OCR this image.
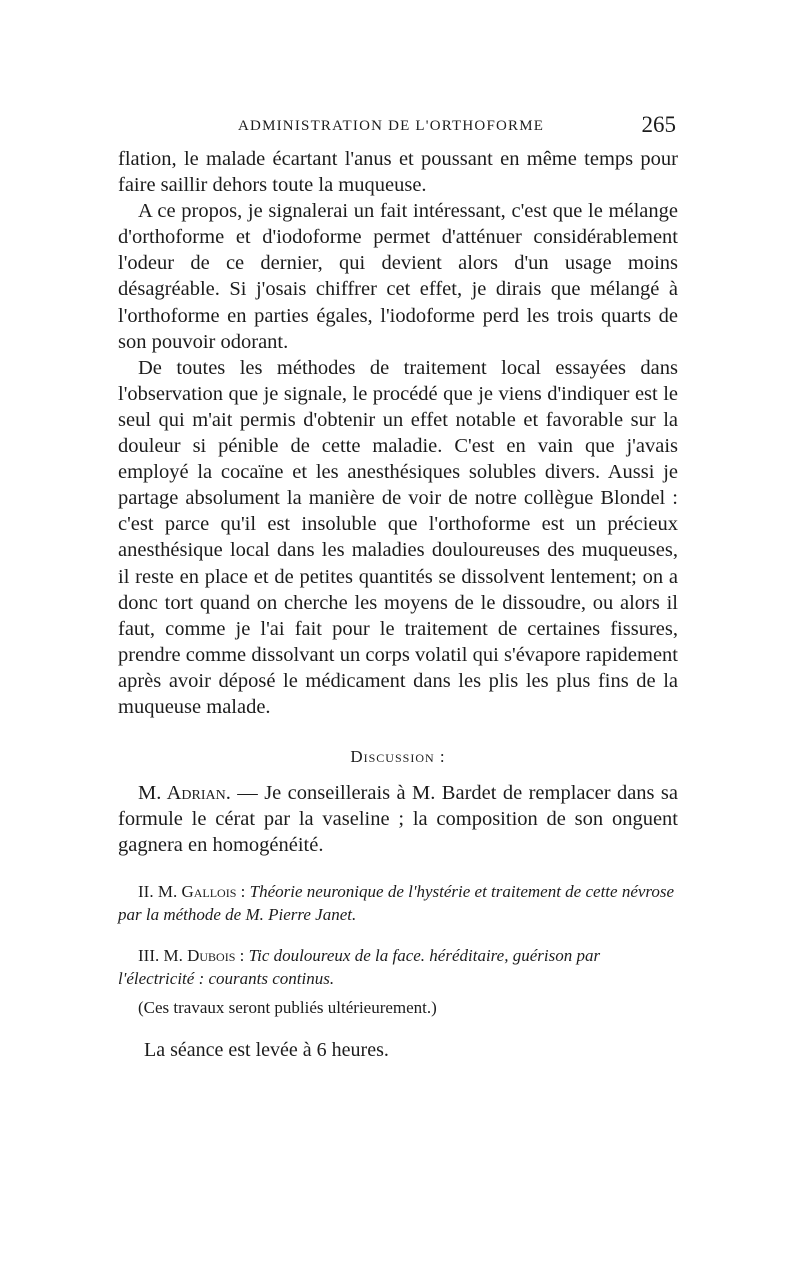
ADMINISTRATION DE L'ORTHOFORME	265

flation, le malade écartant l'anus et poussant en même temps pour faire saillir dehors toute la muqueuse.

A ce propos, je signalerai un fait intéressant, c'est que le mélange d'orthoforme et d'iodoforme permet d'atténuer considérablement l'odeur de ce dernier, qui devient alors d'un usage moins désagréable. Si j'osais chiffrer cet effet, je dirais que mélangé à l'orthoforme en parties égales, l'iodoforme perd les trois quarts de son pouvoir odorant.

De toutes les méthodes de traitement local essayées dans l'observation que je signale, le procédé que je viens d'indiquer est le seul qui m'ait permis d'obtenir un effet notable et favorable sur la douleur si pénible de cette maladie. C'est en vain que j'avais employé la cocaïne et les anesthésiques solubles divers. Aussi je partage absolument la manière de voir de notre collègue Blondel : c'est parce qu'il est insoluble que l'orthoforme est un précieux anesthésique local dans les maladies douloureuses des muqueuses, il reste en place et de petites quantités se dissolvent lentement; on a donc tort quand on cherche les moyens de le dissoudre, ou alors il faut, comme je l'ai fait pour le traitement de certaines fissures, prendre comme dissolvant un corps volatil qui s'évapore rapidement après avoir déposé le médicament dans les plis les plus fins de la muqueuse malade.

Discussion :

M. Adrian. — Je conseillerais à M. Bardet de remplacer dans sa formule le cérat par la vaseline ; la composition de son onguent gagnera en homogénéité.

II. M. Gallois : Théorie neuronique de l'hystérie et traitement de cette névrose par la méthode de M. Pierre Janet.

III. M. Dubois : Tic douloureux de la face. héréditaire, guérison par l'électricité : courants continus.

(Ces travaux seront publiés ultérieurement.)

La séance est levée à 6 heures.
